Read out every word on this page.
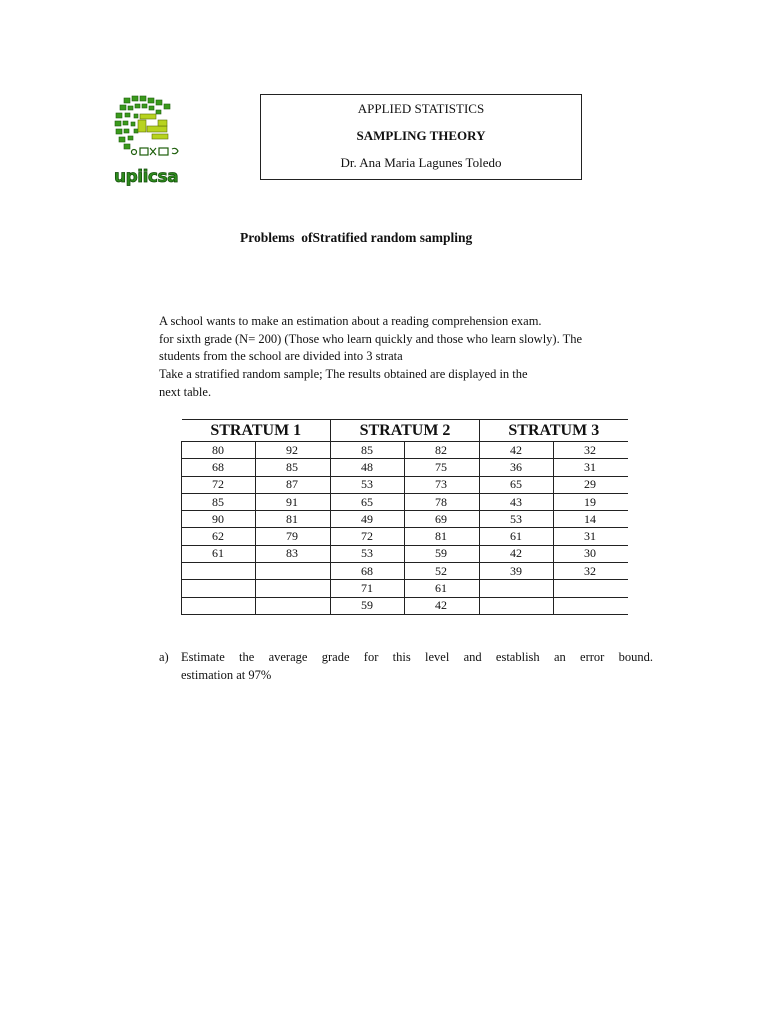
upiicsa
APPLIED STATISTICS
SAMPLING THEORY
Dr. Ana Maria Lagunes Toledo
Problems  ofStratified random sampling
A school wants to make an estimation about a reading comprehension exam.
for sixth grade (N= 200) (Those who learn quickly and those who learn slowly). The
students from the school are divided into 3 strata
Take a stratified random sample; The results obtained are displayed in the
next table.
STRATUM 1		STRATUM 2		STRATUM 3	
80	92	85	82	42	32
68	85	48	75	36	31
72	87	53	73	65	29
85	91	65	78	43	19
90	81	49	69	53	14
62	79	72	81	61	31
61	83	53	59	42	30
		68	52	39	32
		71	61		
		59	42		
a) Estimate the average grade for this level and establish an error bound.
estimation at 97%
